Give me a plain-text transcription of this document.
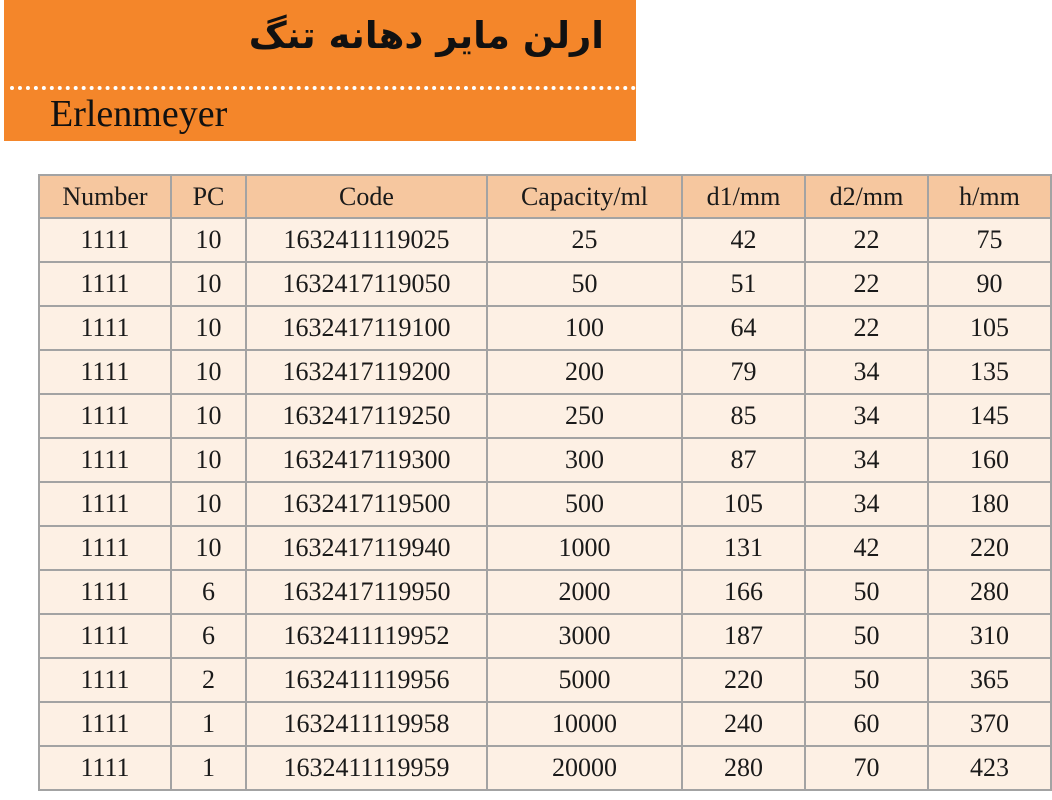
ارلن مایر دهانه تنگ
Erlenmeyer
Number	PC	Code	Capacity/ml	d1/mm	d2/mm	h/mm
1111	10	1632411119025	25	42	22	75
1111	10	1632417119050	50	51	22	90
1111	10	1632417119100	100	64	22	105
1111	10	1632417119200	200	79	34	135
1111	10	1632417119250	250	85	34	145
1111	10	1632417119300	300	87	34	160
1111	10	1632417119500	500	105	34	180
1111	10	1632417119940	1000	131	42	220
1111	6	1632417119950	2000	166	50	280
1111	6	1632411119952	3000	187	50	310
1111	2	1632411119956	5000	220	50	365
1111	1	1632411119958	10000	240	60	370
1111	1	1632411119959	20000	280	70	423
